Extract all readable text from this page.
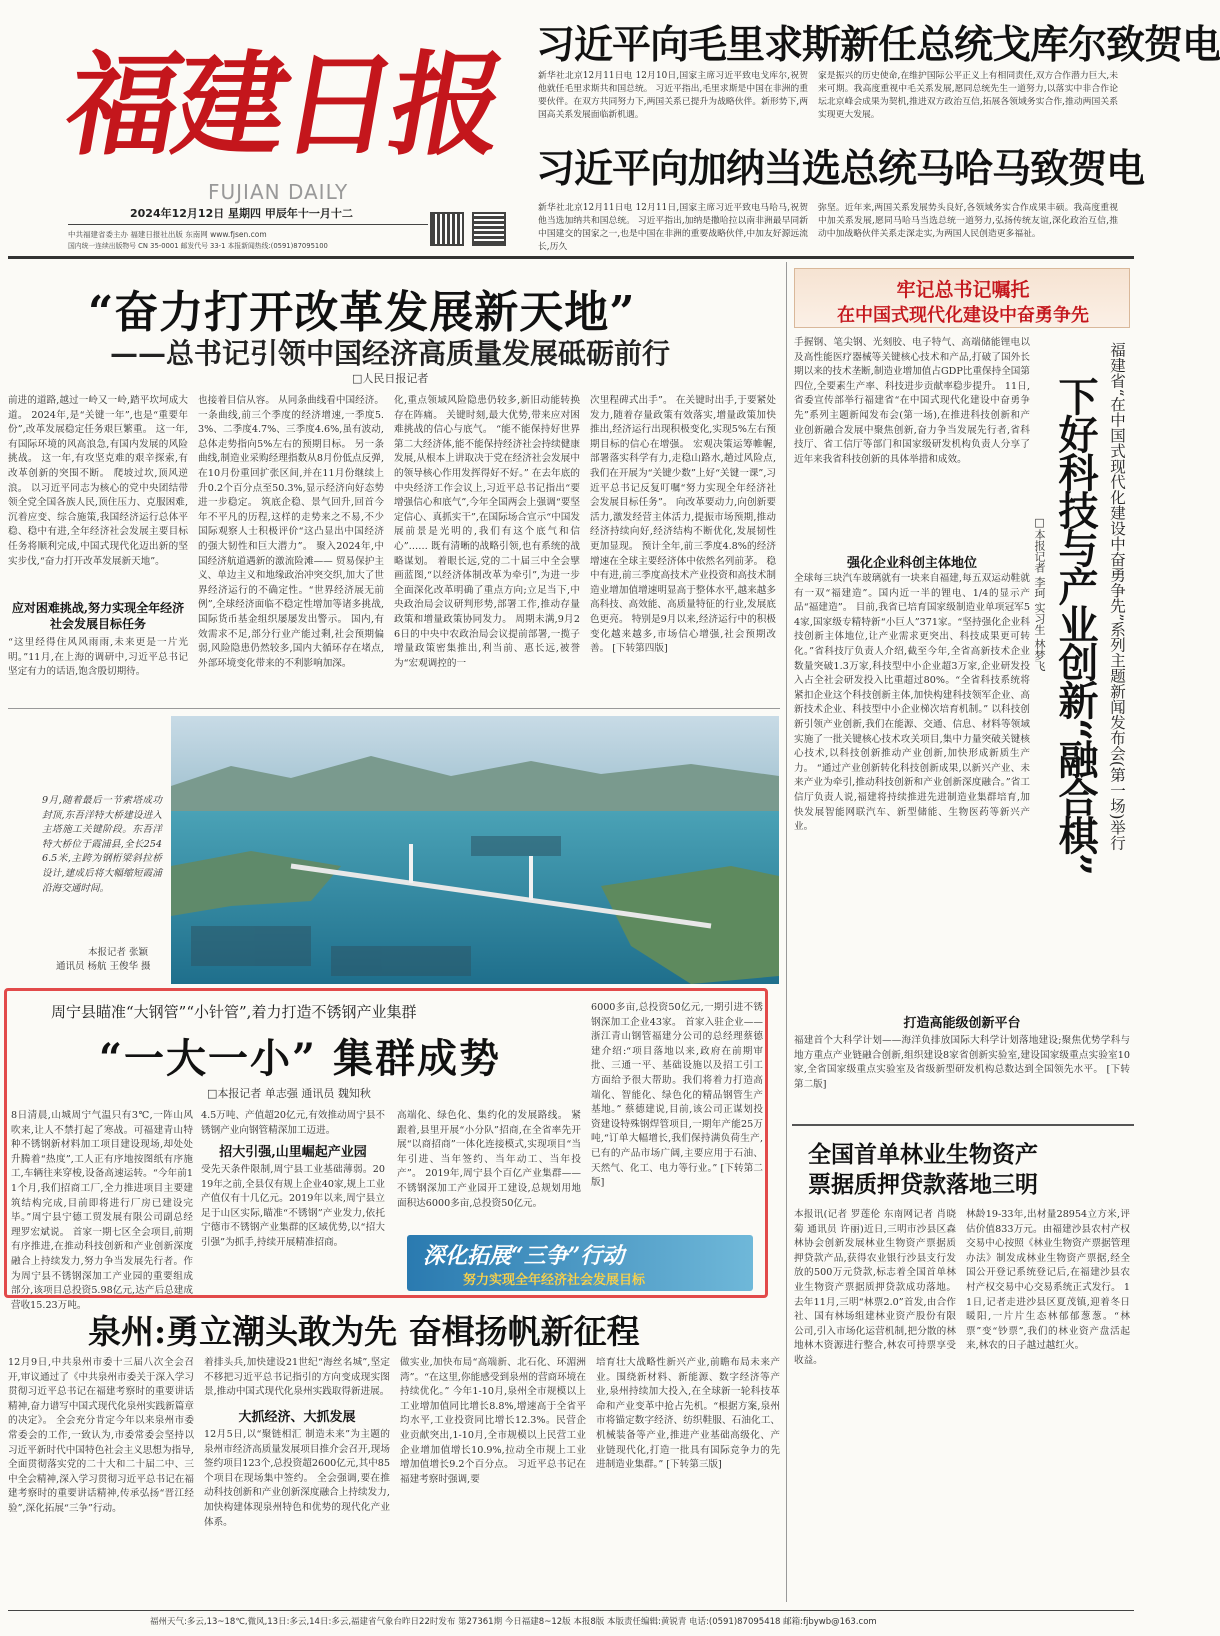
福建日报
FUJIAN DAILY
2024年12月12日 星期四 甲辰年十一月十二
中共福建省委主办 福建日报社出版 东南网 www.fjsen.com
国内统一连续出版物号 CN 35-0001 邮发代号 33-1 本报新闻热线:(0591)87095100
习近平向毛里求斯新任总统戈库尔致贺电
新华社北京12月11日电 12月10日,国家主席习近平致电戈库尔,祝贺他就任毛里求斯共和国总统。 习近平指出,毛里求斯是中国在非洲的重要伙伴。在双方共同努力下,两国关系已提升为战略伙伴。新形势下,两国高关系发展面临新机遇。
家是振兴的历史使命,在维护国际公平正义上有相同责任,双方合作潜力巨大,未来可期。我高度重视中毛关系发展,愿同总统先生一道努力,以落实中非合作论坛北京峰会成果为契机,推进双方政治互信,拓展各领域务实合作,推动两国关系实现更大发展。
习近平向加纳当选总统马哈马致贺电
新华社北京12月11日电 12月11日,国家主席习近平致电马哈马,祝贺他当选加纳共和国总统。 习近平指出,加纳是撒哈拉以南非洲最早同新中国建交的国家之一,也是中国在非洲的重要战略伙伴,中加友好源远流长,历久
弥坚。近年来,两国关系发展势头良好,各领域务实合作成果丰硕。我高度重视中加关系发展,愿同马哈马当选总统一道努力,弘扬传统友谊,深化政治互信,推动中加战略伙伴关系走深走实,为两国人民创造更多福祉。
“奋力打开改革发展新天地”
——总书记引领中国经济高质量发展砥砺前行
□人民日报记者
前进的道路,越过一岭又一岭,踏平坎坷成大道。 2024年,是“关键一年”,也是“重要年份”,改革发展稳定任务艰巨繁重。 这一年,有国际环境的风高浪急,有国内发展的风险挑战。 这一年,有攻坚克难的艰辛探索,有改革创新的突围不断。 爬坡过坎,顶风逆浪。 以习近平同志为核心的党中央团结带领全党全国各族人民,顶住压力、克服困难,沉着应变、综合施策,我国经济运行总体平稳、稳中有进,全年经济社会发展主要目标任务将顺利完成,中国式现代化迈出新的坚实步伐,“奋力打开改革发展新天地”。
应对困难挑战,努力实现全年经济社会发展目标任务
“这里经得住风风雨雨,未来更是一片光明。”11月,在上海的调研中,习近平总书记坚定有力的话语,饱含殷切期待。
也接着目信从容。 从同条曲线看中国经济。 一条曲线,前三个季度的经济增速,一季度5.3%、二季度4.7%、三季度4.6%,虽有波动,总体走势指向5%左右的预期目标。 另一条曲线,制造业采购经理指数从8月份低点反弹,在10月份重回扩张区间,并在11月份继续上升0.2个百分点至50.3%,显示经济向好态势进一步稳定。 筑底企稳、景气回升,回首今年不平凡的历程,这样的走势来之不易,不少国际观察人士积极评价“这凸显出中国经济的强大韧性和巨大潜力”。 聚入2024年,中国经济航道遇新的激流险滩—— 贸易保护主义、单边主义和地缘政治冲突交织,加大了世界经济运行的不确定性。“世界经济展无前例”,全球经济面临不稳定性增加等诸多挑战,国际货币基金组织屡屡发出警示。 国内,有效需求不足,部分行业产能过剩,社会预期偏弱,风险隐患仍然较多,国内大循环存在堵点,外部环境变化带来的不利影响加深。
化,重点领域风险隐患仍较多,新旧动能转换存在阵痛。 关键时刻,最大优势,带来应对困难挑战的信心与底气。 “能不能保持好世界第二大经济体,能不能保持经济社会持续健康发展,从根本上讲取决于党在经济社会发展中的领导核心作用发挥得好不好。” 在去年底的中央经济工作会议上,习近平总书记指出“要增强信心和底气”,今年全国两会上强调“要坚定信心、真抓实干”,在国际场合宣示“中国发展前景是光明的,我们有这个底气和信心”…… 既有清晰的战略引领,也有系统的战略谋划。 着眼长远,党的二十届三中全会擘画蓝图,“以经济体制改革为牵引”,为进一步全面深化改革明确了重点方向;立足当下,中央政治局会议研判形势,部署工作,推动存量政策和增量政策协同发力。 周期未满,9月26日的中央中农政治局会议提前部署,一揽子增量政策密集推出,利当前、惠长远,被誉为“宏观调控的一
次里程碑式出手”。 在关键时出手,于要紧处发力,随着存量政策有效落实,增量政策加快推出,经济运行出现积极变化,实现5%左右预期目标的信心在增强。 宏观决策运筹帷幄,部署落实科学有力,走稳山路水,趟过风险点,我们在开展为“关键少数”上好“关键一课”,习近平总书记反复叮嘱“努力实现全年经济社会发展目标任务”。 向改革要动力,向创新要活力,激发经营主体活力,提振市场预期,推动经济持续向好,经济结构不断优化,发展韧性更加显现。 预计全年,前三季度4.8%的经济增速在全球主要经济体中依然名列前茅。 稳中有进,前三季度高技术产业投资和高技术制造业增加值增速明显高于整体水平,越来越多高科技、高效能、高质量特征的行业,发展底色更亮。 特别是9月以来,经济运行中的积极变化越来越多,市场信心增强,社会预期改善。 [下转第四版]
9月,随着最后一节索塔成功封顶,东吾洋特大桥建设进入主塔施工关键阶段。东吾洋特大桥位于霞浦县,全长2546.5米,主跨为钢桁梁斜拉桥设计,建成后将大幅缩短霞浦沿海交通时间。
本报记者 张颖
通讯员 杨航 王俊华 摄
周宁县瞄准“大钢管”“小针管”,着力打造不锈钢产业集群
“一大一小” 集群成势
□本报记者 单志强 通讯员 魏知秋
8日清晨,山城周宁气温只有3℃,一阵山风吹来,让人不禁打起了寒战。可福建青山特种不锈钢新材料加工项目建设现场,却处处升腾着“热度”,工人正有序地按图纸有序施工,车辆往来穿梭,设备高速运转。“今年前11个月,我们招商工厂,全力推进项目主要建筑结构完成,目前即将进行厂房已建设完毕。”周宁县宁德工贸发展有限公司副总经理罗宏斌说。 首家一期七区全会项目,前期有序推进,在推动科技创新和产业创新深度融合上持续发力,努力争当发展先行者。作为周宁县不锈钢深加工产业园的重要组成部分,该项目总投资5.98亿元,达产后总建成营收15.23万吨。
4.5万吨、产值超20亿元,有效推动周宁县不锈钢产业向钢管精深加工迈进。
招大引强,山里崛起产业园
受先天条件限制,周宁县工业基础薄弱。2019年之前,全县仅有规上企业40家,规上工业产值仅有十几亿元。2019年以来,周宁县立足于山区实际,瞄准“不锈钢”产业发力,依托宁德市不锈钢产业集群的区域优势,以“招大引强”为抓手,持续开展精准招商。
高端化、绿色化、集约化的发展路线。 紧跟着,县里开展“小分队”招商,在全省率先开展“以商招商”一体化连接模式,实现项目“当年引进、当年签约、当年动工、当年投产”。 2019年,周宁县个百亿产业集群——不锈钢深加工产业园开工建设,总规划用地面积达6000多亩,总投资50亿元。
6000多亩,总投资50亿元,一期引进不锈钢深加工企业43家。 首家入驻企业——浙江青山钢管福建分公司的总经理蔡德建介绍:“项目落地以来,政府在前期审批、三通一平、基础设施以及招工引工方面给予很大帮助。我们将着力打造高端化、智能化、绿色化的精品钢管生产基地。” 蔡德建说,目前,该公司正谋划投资建设特殊钢焊管项目,一期年产能25万吨,“订单大幅增长,我们保持满负荷生产,已有的产品市场广阔,主要应用于石油、天然气、化工、电力等行业。” [下转第二版]
深化拓展“三争”行动
努力实现全年经济社会发展目标
泉州:勇立潮头敢为先 奋楫扬帆新征程
12月9日,中共泉州市委十三届八次全会召开,审议通过了《中共泉州市委关于深入学习贯彻习近平总书记在福建考察时的重要讲话精神,奋力谱写中国式现代化泉州实践新篇章的决定》。 全会充分肯定今年以来泉州市委常委会的工作,一致认为,市委常委会坚持以习近平新时代中国特色社会主义思想为指导,全面贯彻落实党的二十大和二十届二中、三中全会精神,深入学习贯彻习近平总书记在福建考察时的重要讲话精神,传承弘扬“晋江经验”,深化拓展“三争”行动。
着排头兵,加快建设21世纪“海丝名城”,坚定不移把习近平总书记指引的方向变成现实图景,推动中国式现代化泉州实践取得新进展。
大抓经济、大抓发展
12月5日,以“聚链相汇 制造未来”为主题的泉州市经济高质量发展项目推介会召开,现场签约项目123个,总投资超2600亿元,其中85个项目在现场集中签约。 全会强调,要在推动科技创新和产业创新深度融合上持续发力,加快构建体现泉州特色和优势的现代化产业体系。
做实业,加快布局“高端新、北石化、环湄洲湾”。“在这里,你能感受到泉州的营商环境在持续优化。” 今年1-10月,泉州全市规模以上工业增加值同比增长8.8%,增速高于全省平均水平,工业投资同比增长12.3%。民营企业贡献突出,1-10月,全市规模以上民营工业企业增加值增长10.9%,拉动全市规上工业增加值增长9.2个百分点。 习近平总书记在福建考察时强调,要
培育壮大战略性新兴产业,前瞻布局未来产业。围绕新材料、新能源、数字经济等产业,泉州持续加大投入,在全球新一轮科技革命和产业变革中抢占先机。“根据方案,泉州市将锚定数字经济、纺织鞋服、石油化工、机械装备等产业,推进产业基础高级化、产业链现代化,打造一批具有国际竞争力的先进制造业集群。” [下转第三版]
牢记总书记嘱托
在中国式现代化建设中奋勇争先
手握钢、笔尖钢、光刻胶、电子特气、高端储能锂电以及高性能医疗器械等关键核心技术和产品,打破了国外长期以来的技术垄断,制造业增加值占GDP比重保持全国第四位,全要素生产率、科技进步贡献率稳步提升。 11日,省委宣传部举行福建省“在中国式现代化建设中奋勇争先”系列主题新闻发布会(第一场),在推进科技创新和产业创新融合发展中聚焦创新,奋力争当发展先行者,省科技厅、省工信厅等部门和国家级研发机构负责人分享了近年来我省科技创新的具体举措和成效。
强化企业科创主体地位
全球每三块汽车玻璃就有一块来自福建,每五双运动鞋就有一双“福建造”。国内近一半的锂电、1/4的显示产品“福建造”。 目前,我省已培育国家级制造业单项冠军54家,国家级专精特新“小巨人”371家。“坚持强化企业科技创新主体地位,让产业需求更突出、科技成果更可转化。”省科技厅负责人介绍,截至今年,全省高新技术企业数量突破1.3万家,科技型中小企业超3万家,企业研发投入占全社会研发投入比重超过80%。“全省科技系统将紧扣企业这个科技创新主体,加快构建科技领军企业、高新技术企业、科技型中小企业梯次培育机制。” 以科技创新引领产业创新,我们在能源、交通、信息、材料等领域实施了一批关键核心技术攻关项目,集中力量突破关键核心技术,以科技创新推动产业创新,加快形成新质生产力。 “通过产业创新转化科技创新成果,以新兴产业、未来产业为牵引,推动科技创新和产业创新深度融合。”省工信厅负责人说,福建将持续推进先进制造业集群培育,加快发展智能网联汽车、新型储能、生物医药等新兴产业。	福建省“在中国式现代化建设中奋勇争先”系列主题新闻发布会(第一场)举行
下好科技与产业创新“融合棋”
□本报记者 李珂 实习生 林梦飞
打造高能级创新平台
福建首个大科学计划——海洋负排放国际大科学计划落地建设;聚焦优势学科与地方重点产业链融合创新,组织建设8家省创新实验室,建设国家级重点实验室10家,全省国家级重点实验室及省级新型研发机构总数达到全国领先水平。 [下转第二版]
全国首单林业生物资产
票据质押贷款落地三明
本报讯(记者 罗莲伦 东南网记者 肖晓菊 通讯员 许丽)近日,三明市沙县区森林协会创新发展林业生物资产票据质押贷款产品,获得农业银行沙县支行发放的500万元贷款,标志着全国首单林业生物资产票据质押贷款成功落地。 去年11月,三明“林票2.0”首发,由合作社、国有林场组建林业资产股份有限公司,引入市场化运营机制,把分散的林地林木资源进行整合,林农可持票享受收益。
林龄19-33年,出材量28954立方米,评估价值833万元。由福建沙县农村产权交易中心按照《林业生物资产票据管理办法》制发成林业生物资产票据,经全国公开登记系统登记后,在福建沙县农村产权交易中心交易系统正式发行。 11日,记者走进沙县区夏茂镇,迎着冬日暖阳,一片片生态林郁郁葱葱。“林票”变“钞票”,我们的林业资产盘活起来,林农的日子越过越红火。
福州天气:多云,13~18℃,微风,13日:多云,14日:多云,福建省气象台昨日22时发布 第27361期 今日福建8~12版 本报8版 本版责任编辑:黄锐青 电话:(0591)87095418 邮箱:fjbywb@163.com
